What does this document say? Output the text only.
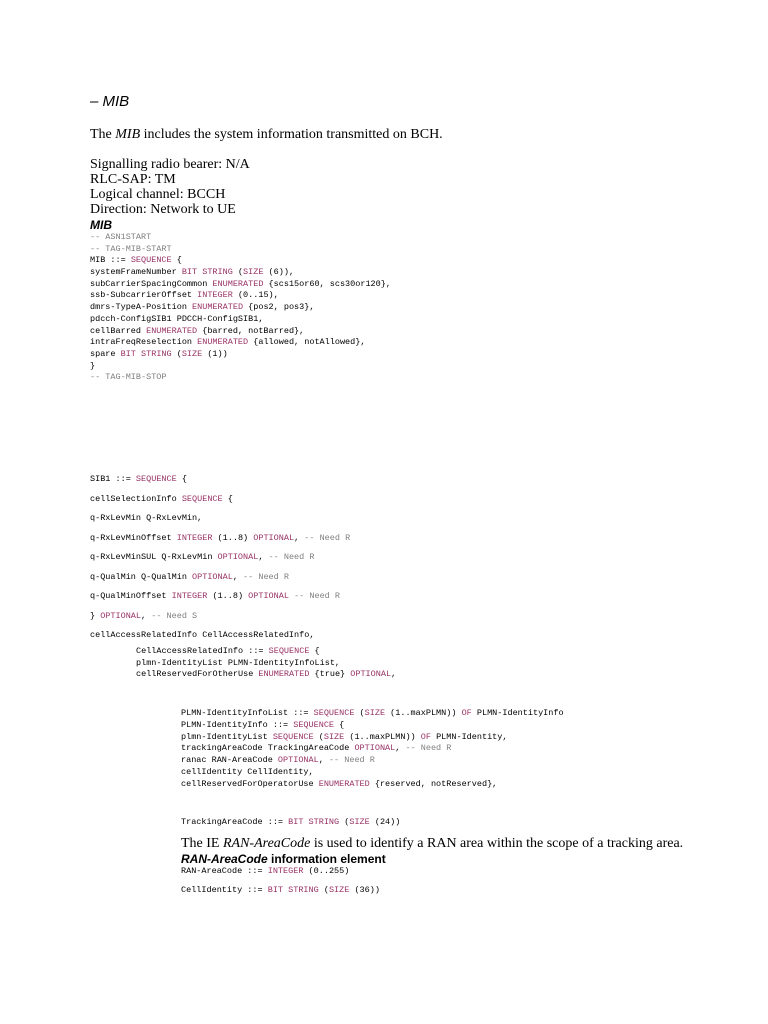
– MIB
The MIB includes the system information transmitted on BCH.
Signalling radio bearer: N/A
RLC-SAP: TM
Logical channel: BCCH
Direction: Network to UE
MIB
-- ASN1START
-- TAG-MIB-START
MIB ::= SEQUENCE {
systemFrameNumber BIT STRING (SIZE (6)),
subCarrierSpacingCommon ENUMERATED {scs15or60, scs30or120},
ssb-SubcarrierOffset INTEGER (0..15),
dmrs-TypeA-Position ENUMERATED {pos2, pos3},
pdcch-ConfigSIB1 PDCCH-ConfigSIB1,
cellBarred ENUMERATED {barred, notBarred},
intraFreqReselection ENUMERATED {allowed, notAllowed},
spare BIT STRING (SIZE (1))
}
-- TAG-MIB-STOP
SIB1 ::= SEQUENCE {
cellSelectionInfo SEQUENCE {
q-RxLevMin Q-RxLevMin,
q-RxLevMinOffset INTEGER (1..8) OPTIONAL, -- Need R
q-RxLevMinSUL Q-RxLevMin OPTIONAL, -- Need R
q-QualMin Q-QualMin OPTIONAL, -- Need R
q-QualMinOffset INTEGER (1..8) OPTIONAL -- Need R
} OPTIONAL, -- Need S
cellAccessRelatedInfo CellAccessRelatedInfo,
CellAccessRelatedInfo ::= SEQUENCE {
plmn-IdentityList PLMN-IdentityInfoList,
cellReservedForOtherUse ENUMERATED {true} OPTIONAL,
PLMN-IdentityInfoList ::= SEQUENCE (SIZE (1..maxPLMN)) OF PLMN-IdentityInfo
PLMN-IdentityInfo ::= SEQUENCE {
plmn-IdentityList SEQUENCE (SIZE (1..maxPLMN)) OF PLMN-Identity,
trackingAreaCode TrackingAreaCode OPTIONAL, -- Need R
ranac RAN-AreaCode OPTIONAL, -- Need R
cellIdentity CellIdentity,
cellReservedForOperatorUse ENUMERATED {reserved, notReserved},
TrackingAreaCode ::= BIT STRING (SIZE (24))
The IE RAN-AreaCode is used to identify a RAN area within the scope of a tracking area.
RAN-AreaCode information element
RAN-AreaCode ::= INTEGER (0..255)
CellIdentity ::= BIT STRING (SIZE (36))
